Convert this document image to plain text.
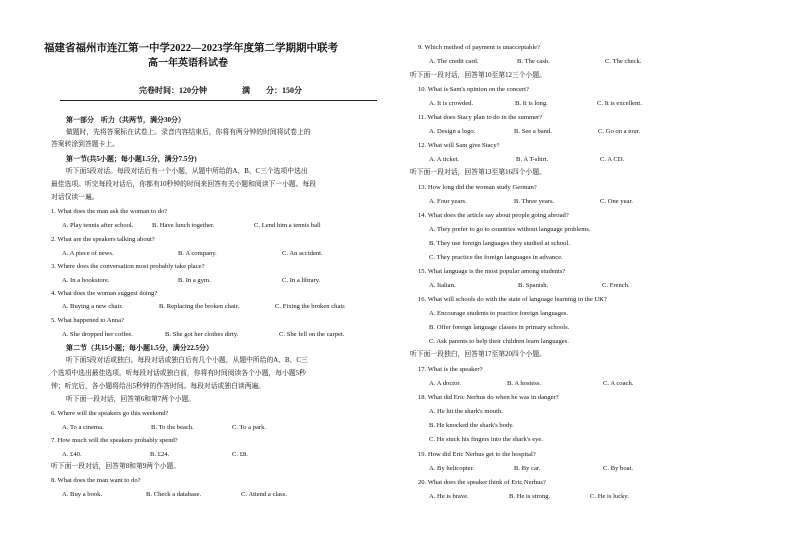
福建省福州市连江第一中学2022—2023学年度第二学期期中联考
高一年英语科试卷
完卷时间：120分钟	满　　分：150分
第一部分　听力（共两节，满分30分）
做题时，先将答案标在试卷上。录音内容结束后，你将有两分钟的时间将试卷上的
答案转涂到答题卡上。
第一节(共5小题；每小题1.5分，满分7.5分)
听下面5段对话。每段对话后有一个小题，从题中所给的A、B、C三个选项中选出
最佳选项。听完每段对话后，你都有10秒钟的时间来回答有关小题和阅读下一小题。每段
对话仅读一遍。
1. What does the man ask the woman to do?
A. Play tennis after school.	B. Have lunch together.	C. Lend him a tennis ball
2. What are the speakers talking about?
A. A piece of news.	B. A company.	C. An accident.
3. Where does the conversation most probably take place?
A. In a bookstore.	B. In a gym.	C. In a library.
4. What does the woman suggest doing?
A. Buying a new chair.	B. Replacing the broken chair.	C. Fixing the broken chair.
5. What happened to Anna?
A. She dropped her coffee.	B. She got her clothes dirty.	C. She fell on the carpet.
第二节（共15小题；每小题1.5分，满分22.5分）
听下面5段对话或独白。每段对话或独白后有几个小题，从题中所给的A、B、C三
个选项中选出最佳选项。听每段对话或独白前，你将有时间阅读各个小题，每小题5秒
钟；听完后，各小题将给出5秒钟的作答时间。每段对话或独白读两遍。
听下面一段对话，回答第6和第7两个小题。
6. Where will the speakers go this weekend?
A. To a cinema.	B. To the beach.	C. To a park.
7. How much will the speakers probably spend?
A. £40.	B. £24.	C. £8.
听下面一段对话，回答第8和第9两个小题。
8. What does the man want to do?
A. Buy a book.	B. Check a database.	C. Attend a class.
9. Which method of payment is unacceptable?
A. The credit card.	B. The cash.	C. The check.
听下面一段对话，回答第10至第12三个小题。
10. What is Sam's opinion on the concert?
A. It is crowded.	B. It is long.	C. It is excellent.
11. What does Stacy plan to do in the summer?
A. Design a logo.	B. See a band.	C. Go on a tour.
12. What will Sam give Stacy?
A. A ticket.	B. A T-shirt.	C. A CD.
听下面一段对话，回答第13至第16四个小题。
13. How long did the woman study German?
A. Four years.	B. Three years.	C. One year.
14. What does the article say about people going abroad?
A. They prefer to go to countries without language problems.
B. They use foreign languages they studied at school.
C. They practice the foreign languages in advance.
15. What language is the most popular among students?
A. Italian.	B. Spanish.	C. French.
16. What will schools do with the state of language learning in the UK?
A. Encourage students to practice foreign languages.
B. Offer foreign language classes in primary schools.
C. Ask parents to help their children learn languages.
听下面一段独白，回答第17至第20四个小题。
17. What is the speaker?
A. A doctor.	B. A hostess.	C. A coach.
18. What did Eric Nerhus do when he was in danger?
A. He hit the shark's mouth.
B. He knocked the shark's body.
C. He stuck his fingers into the shark's eye.
19. How did Eric Nerhus get to the hospital?
A. By helicopter.	B. By car.	C. By boat.
20. What does the speaker think of Eric Nerhus?
A. He is brave.	B. He is strong.	C. He is lucky.
